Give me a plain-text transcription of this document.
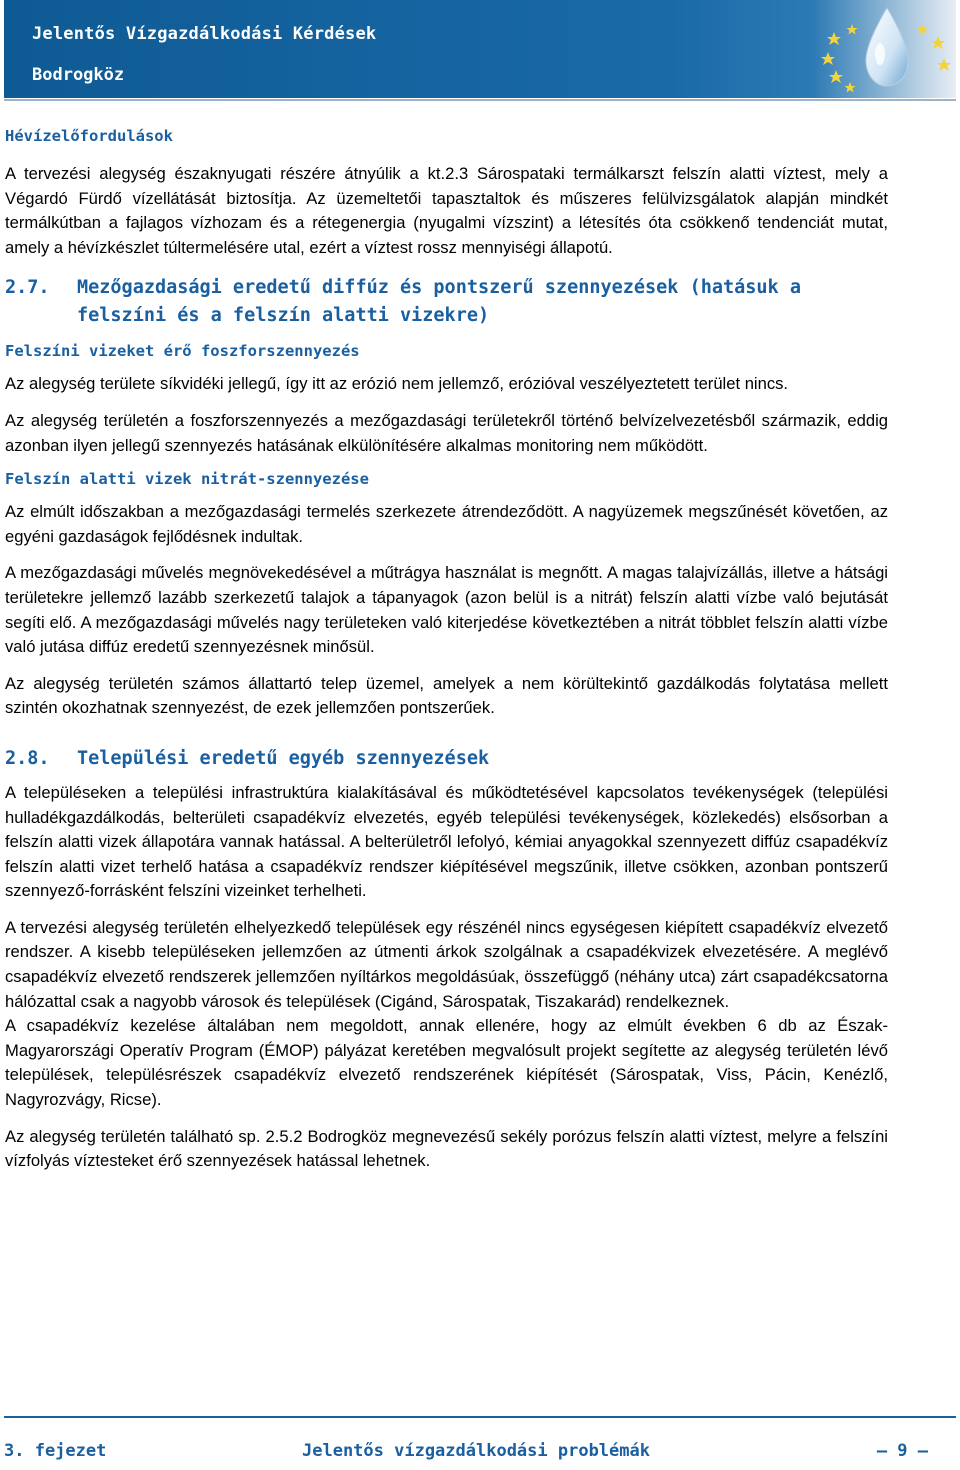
Jelentős Vízgazdálkodási Kérdések
Bodrogköz
Hévízelőfordulások

A tervezési alegység északnyugati részére átnyúlik a kt.2.3 Sárospataki termálkarszt felszín alatti víztest, mely a Végardó Fürdő vízellátását biztosítja. Az üzemeltetői tapasztaltok és műszeres felülvizsgálatok alapján mindkét termálkútban a fajlagos vízhozam és a rétegenergia (nyugalmi vízszint) a létesítés óta csökkenő tendenciát mutat, amely a hévízkészlet túltermelésére utal, ezért a víztest rossz mennyiségi állapotú.

2.7.	Mezőgazdasági eredetű diffúz és pontszerű szennyezések (hatásuk a felszíni és a felszín alatti vizekre)
Felszíni vizeket érő foszforszennyezés

Az alegység területe síkvidéki jellegű, így itt az erózió nem jellemző, erózióval veszélyeztetett terület nincs.

Az alegység területén a foszforszennyezés a mezőgazdasági területekről történő belvízelvezetésből származik, eddig azonban ilyen jellegű szennyezés hatásának elkülönítésére alkalmas monitoring nem működött.

Felszín alatti vizek nitrát-szennyezése

Az elmúlt időszakban a mezőgazdasági termelés szerkezete átrendeződött. A nagyüzemek megszűnését követően, az egyéni gazdaságok fejlődésnek indultak.

A mezőgazdasági művelés megnövekedésével a műtrágya használat is megnőtt. A magas talajvízállás, illetve a hátsági területekre jellemző lazább szerkezetű talajok a tápanyagok (azon belül is a nitrát) felszín alatti vízbe való bejutását segíti elő. A mezőgazdasági művelés nagy területeken való kiterjedése következtében a nitrát többlet felszín alatti vízbe való jutása diffúz eredetű szennyezésnek minősül.

Az alegység területén számos állattartó telep üzemel, amelyek a nem körültekintő gazdálkodás folytatása mellett szintén okozhatnak szennyezést, de ezek jellemzően pontszerűek.

2.8.	Települési eredetű egyéb szennyezések

A településeken a települési infrastruktúra kialakításával és működtetésével kapcsolatos tevékenységek (települési hulladékgazdálkodás, belterületi csapadékvíz elvezetés, egyéb települési tevékenységek, közlekedés) elsősorban a felszín alatti vizek állapotára vannak hatással. A belterületről lefolyó, kémiai anyagokkal szennyezett diffúz csapadékvíz felszín alatti vizet terhelő hatása a csapadékvíz rendszer kiépítésével megszűnik, illetve csökken, azonban pontszerű szennyező-forrásként felszíni vizeinket terhelheti.

A tervezési alegység területén elhelyezkedő települések egy részénél nincs egységesen kiépített csapadékvíz elvezető rendszer. A kisebb településeken jellemzően az útmenti árkok szolgálnak a csapadékvizek elvezetésére. A meglévő csapadékvíz elvezető rendszerek jellemzően nyíltárkos megoldásúak, összefüggő (néhány utca) zárt csapadékcsatorna hálózattal csak a nagyobb városok és települések (Cigánd, Sárospatak, Tiszakarád) rendelkeznek.

A csapadékvíz kezelése általában nem megoldott, annak ellenére, hogy az elmúlt években 6 db az Észak-Magyarországi Operatív Program (ÉMOP) pályázat keretében megvalósult projekt segítette az alegység területén lévő települések, településrészek csapadékvíz elvezető rendszerének kiépítését (Sárospatak, Viss, Pácin, Kenézlő, Nagyrozvágy, Ricse).

Az alegység területén található sp. 2.5.2 Bodrogköz megnevezésű sekély porózus felszín alatti víztest, melyre a felszíni vízfolyás víztesteket érő szennyezések hatással lehetnek.

3. fejezet	Jelentős vízgazdálkodási problémák	— 9 —
